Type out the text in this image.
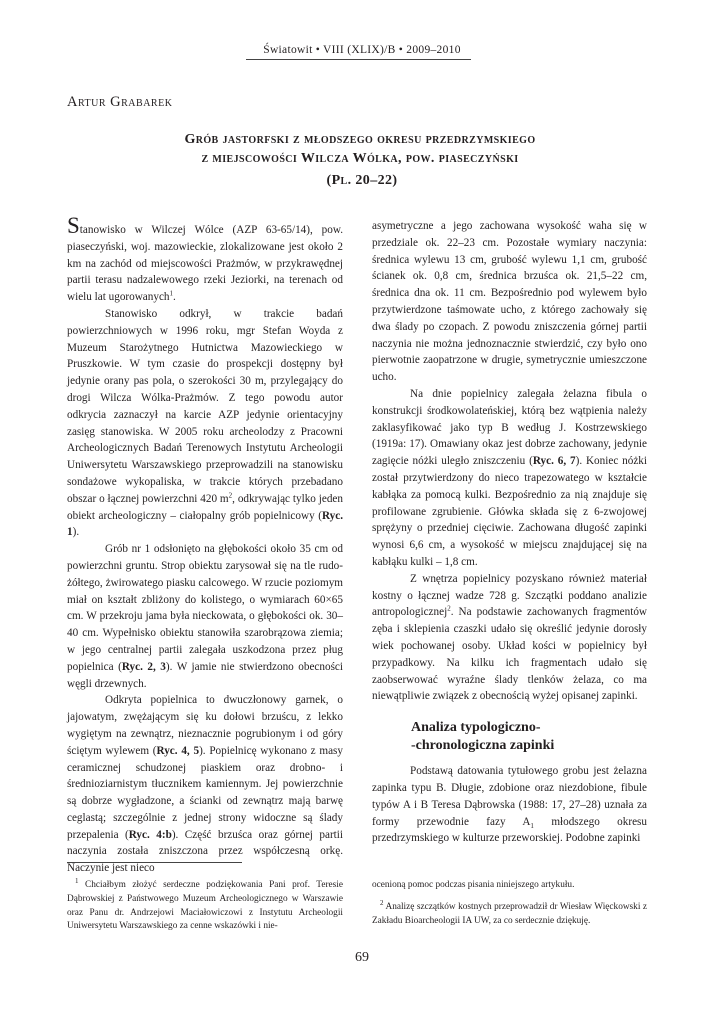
Światowit • VIII (XLIX)/B • 2009–2010
Artur Grabarek
Grób jastorfski z młodszego okresu przedrzymskiego
z miejscowości Wilcza Wólka, pow. piaseczyński
(Pl. 20–22)

Stanowisko w Wilczej Wólce (AZP 63-65/14), pow. piaseczyński, woj. mazowieckie, zlokalizowane jest około 2 km na zachód od miejscowości Prażmów, w przykrawędnej partii terasu nadzalewowego rzeki Jeziorki, na terenach od wielu lat ugorowanych$^1$.

Stanowisko odkrył, w trakcie badań powierzchniowych w 1996 roku, mgr Stefan Woyda z Muzeum Starożytnego Hutnictwa Mazowieckiego w Pruszkowie. W tym czasie do prospekcji dostępny był jedynie orany pas pola, o szerokości 30 m, przylegający do drogi Wilcza Wólka-Prażmów. Z tego powodu autor odkrycia zaznaczył na karcie AZP jedynie orientacyjny zasięg stanowiska. W 2005 roku archeolodzy z Pracowni Archeologicznych Badań Terenowych Instytutu Archeologii Uniwersytetu Warszawskiego przeprowadzili na stanowisku sondażowe wykopaliska, w trakcie których przebadano obszar o łącznej powierzchni 420 $m^2$, odkrywając tylko jeden obiekt archeologiczny – ciałopalny grób popielnicowy (Ryc. 1).

Grób nr 1 odsłonięto na głębokości około 35 cm od powierzchni gruntu. Strop obiektu zarysował się na tle rudo-żółtego, żwirowatego piasku calcowego. W rzucie poziomym miał on kształt zbliżony do kolistego, o wymiarach 60×65 cm. W przekroju jama była nieckowata, o głębokości ok. 30–40 cm. Wypełnisko obiektu stanowiła szarobrązowa ziemia; w jego centralnej partii zalegała uszkodzona przez pług popielnica (Ryc. 2, 3). W jamie nie stwierdzono obecności węgli drzewnych.

Odkryta popielnica to dwuczłonowy garnek, o jajowatym, zwężającym się ku dołowi brzuścu, z lekko wygiętym na zewnątrz, nieznacznie pogrubionym i od góry ściętym wylewem (Ryc. 4, 5). Popielnicę wykonano z masy ceramicznej schudzonej piaskiem oraz drobno- i średnioziarnistym tłucznikem kamiennym. Jej powierzchnie są dobrze wygładzone, a ścianki od zewnątrz mają barwę ceglastą; szczególnie z jednej strony widoczne są ślady przepalenia (Ryc. 4:b). Część brzuśca oraz górnej partii naczynia została zniszczona przez współczesną orkę. Naczynie jest nieco

asymetryczne a jego zachowana wysokość waha się w przedziale ok. 22–23 cm. Pozostałe wymiary naczynia: średnica wylewu 13 cm, grubość wylewu 1,1 cm, grubość ścianek ok. 0,8 cm, średnica brzuśca ok. 21,5–22 cm, średnica dna ok. 11 cm. Bezpośrednio pod wylewem było przytwierdzone taśmowate ucho, z którego zachowały się dwa ślady po czopach. Z powodu zniszczenia górnej partii naczynia nie można jednoznacznie stwierdzić, czy było ono pierwotnie zaopatrzone w drugie, symetrycznie umieszczone ucho.

Na dnie popielnicy zalegała żelazna fibula o konstrukcji środkowolateńskiej, którą bez wątpienia należy zaklasyfikować jako typ B według J. Kostrzewskiego (1919a: 17). Omawiany okaz jest dobrze zachowany, jedynie zagięcie nóżki uległo zniszczeniu (Ryc. 6, 7). Koniec nóżki został przytwierdzony do nieco trapezowatego w kształcie kabłąka za pomocą kulki. Bezpośrednio za nią znajduje się profilowane zgrubienie. Główka składa się z 6-zwojowej sprężyny o przedniej cięciwie. Zachowana długość zapinki wynosi 6,6 cm, a wysokość w miejscu znajdującej się na kabłąku kulki – 1,8 cm.

Z wnętrza popielnicy pozyskano również materiał kostny o łącznej wadze 728 g. Szczątki poddano analizie antropologicznej$^2$. Na podstawie zachowanych fragmentów zęba i sklepienia czaszki udało się określić jedynie dorosły wiek pochowanej osoby. Układ kości w popielnicy był przypadkowy. Na kilku ich fragmentach udało się zaobserwować wyraźne ślady tlenków żelaza, co ma niewątpliwie związek z obecnością wyżej opisanej zapinki.

Analiza typologiczno-
-chronologiczna zapinki

Podstawą datowania tytułowego grobu jest żelazna zapinka typu B. Długie, zdobione oraz niezdobione, fibule typów A i B Teresa Dąbrowska (1988: 17, 27–28) uznała za formy przewodnie fazy $A_1$ młodszego okresu przedrzymskiego w kulturze przeworskiej. Podobne zapinki

$^1$ Chciałbym złożyć serdeczne podziękowania Pani prof. Teresie Dąbrowskiej z Państwowego Muzeum Archeologicznego w Warszawie oraz Panu dr. Andrzejowi Maciałowiczowi z Instytutu Archeologii Uniwersytetu Warszawskiego za cenne wskazówki i nie-

ocenioną pomoc podczas pisania niniejszego artykułu.

$^2$ Analizę szczątków kostnych przeprowadził dr Wiesław Więckowski z Zakładu Bioarcheologii IA UW, za co serdecznie dziękuję.

69
